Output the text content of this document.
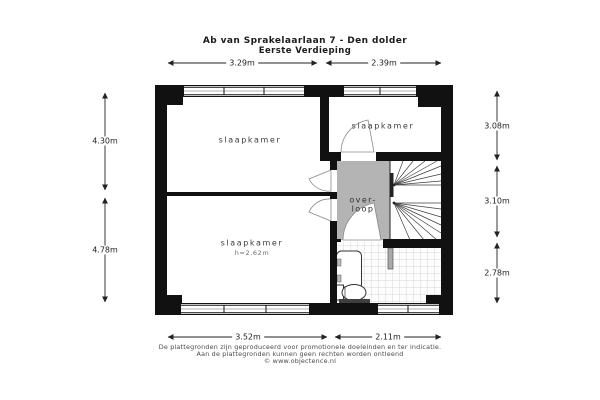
Ab van Sprakelaarlaan 7 - Den dolder
Eerste Verdieping
3.29m	2.39m
3.52m	2.11m
4.30m
4.78m
3.08m
3.10m
2.78m
slaapkamer
slaapkamer
slaapkamer
h=2.62m
over-
loop
De plattegronden zijn geproduceerd voor promotionele doeleinden en ter indicatie.
Aan de plattegronden kunnen geen rechten worden ontleend
© www.objectence.nl
